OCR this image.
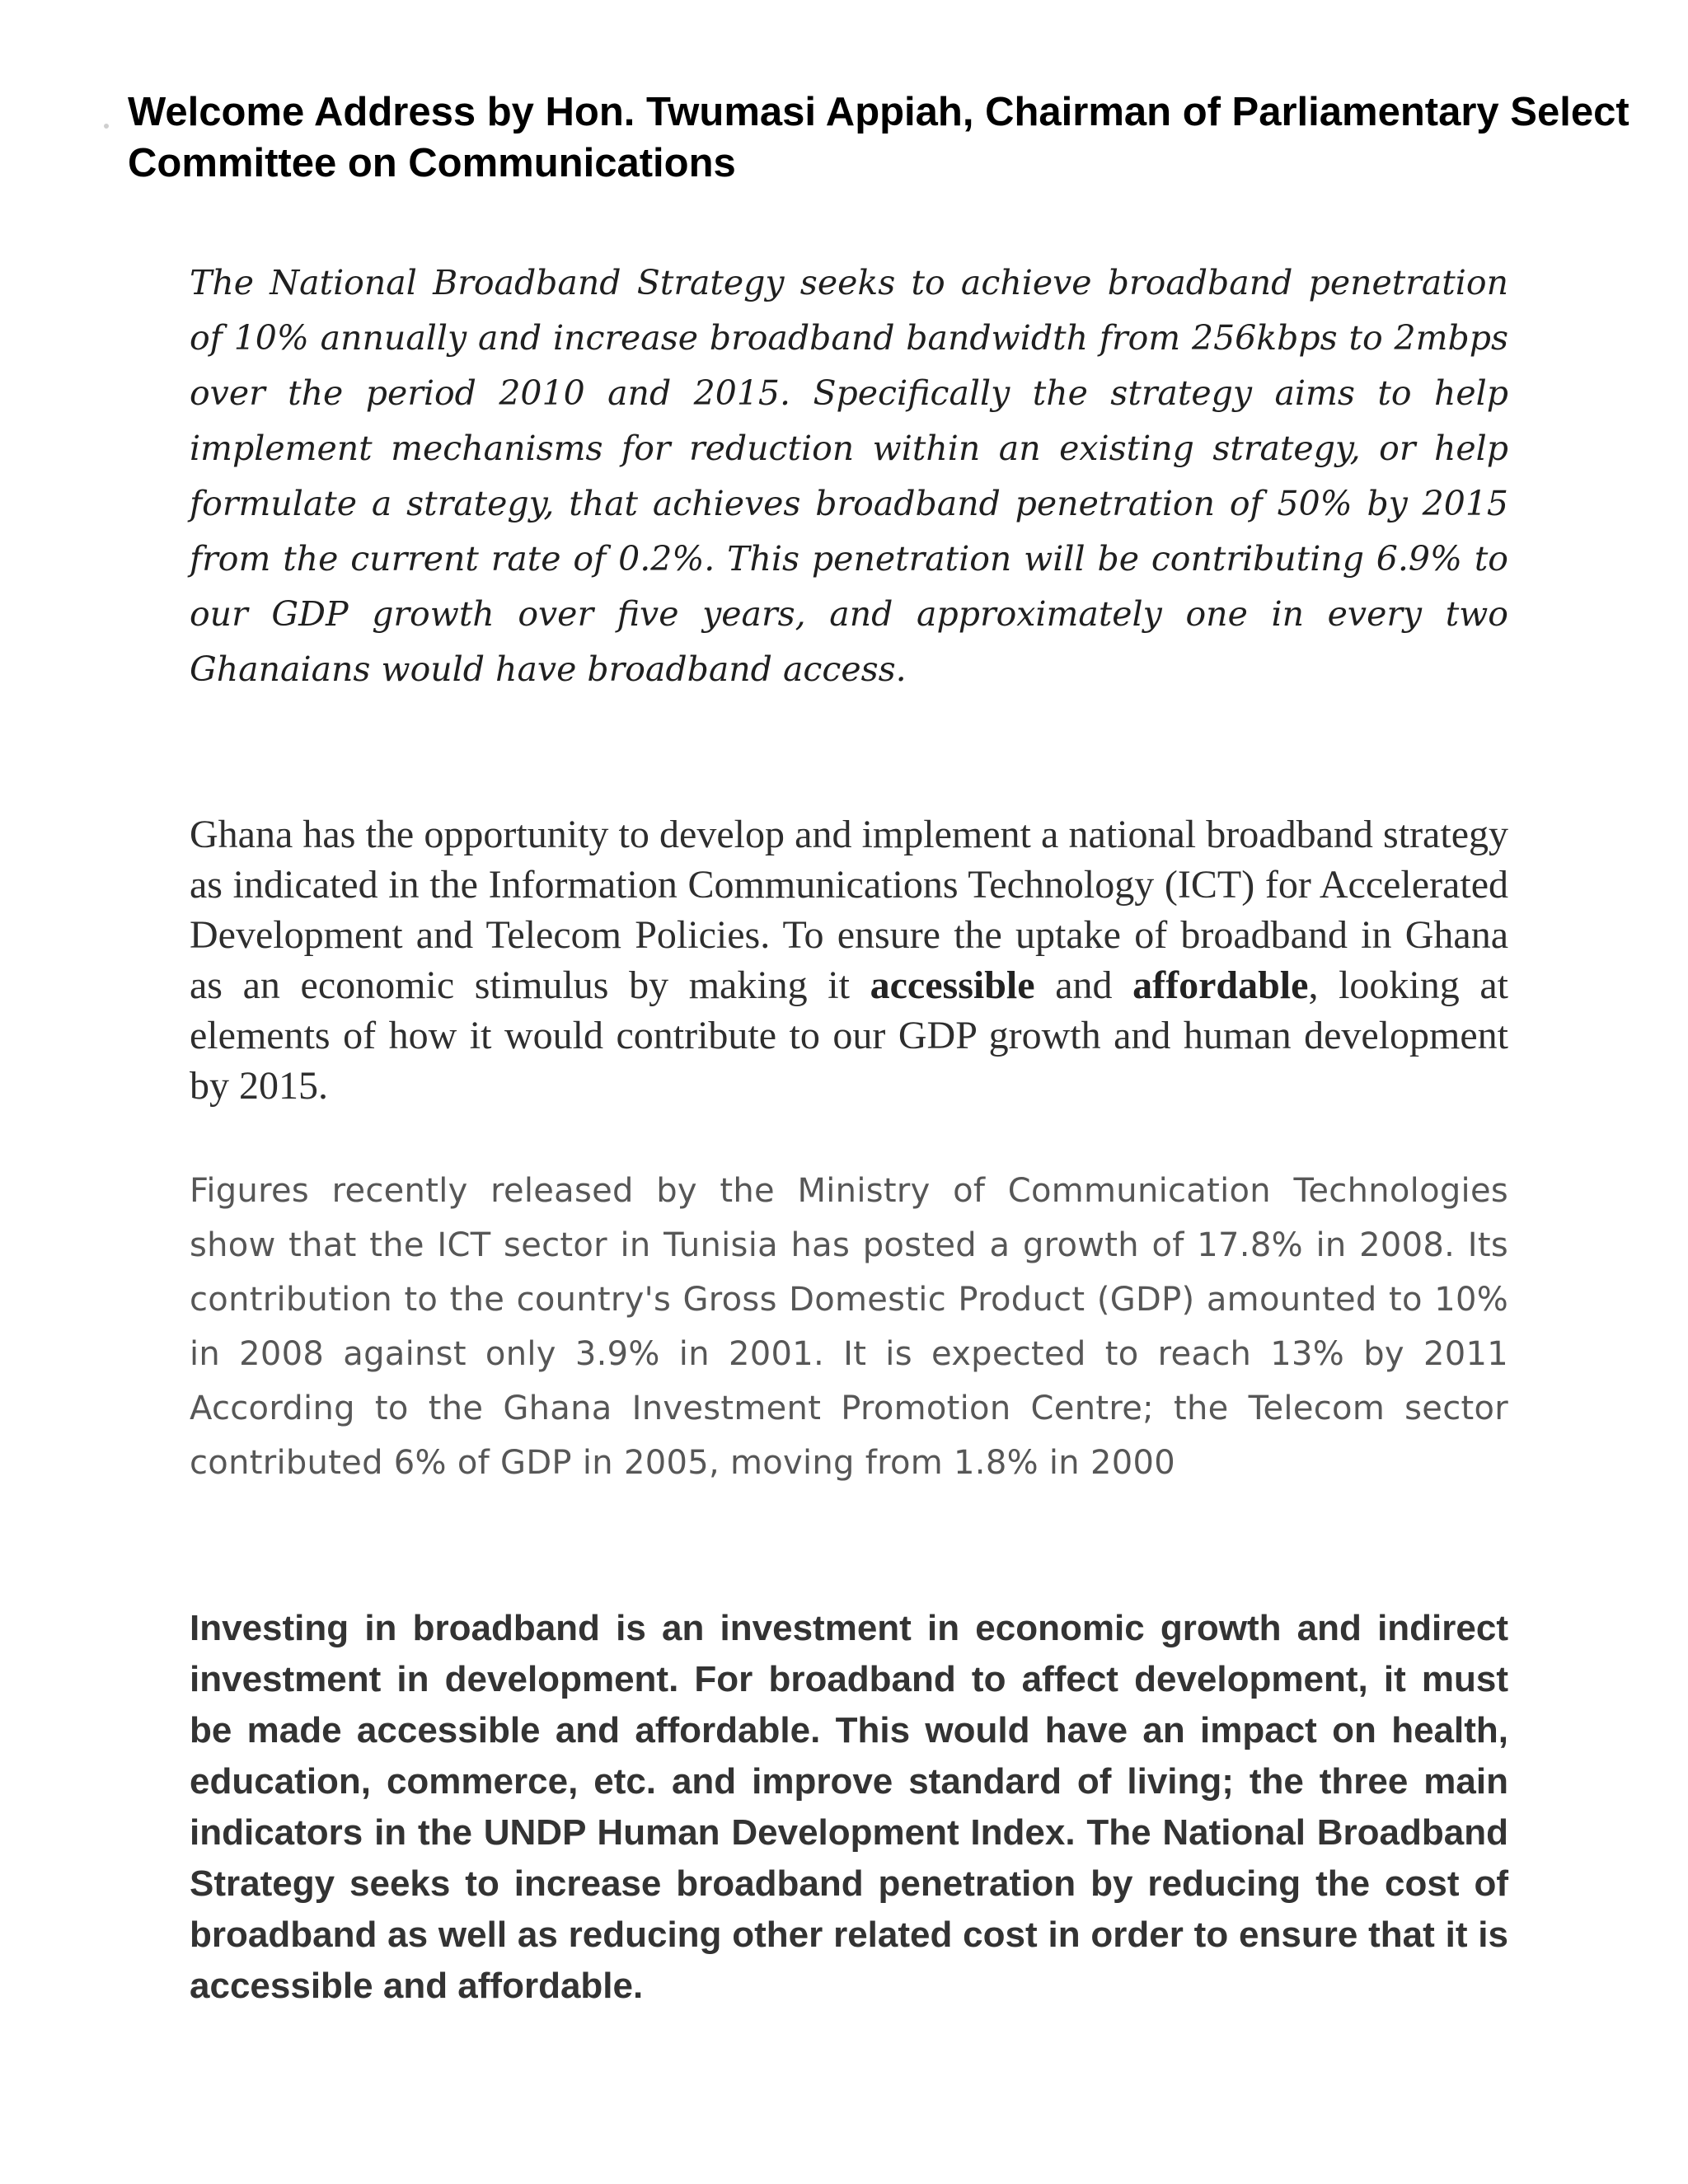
Welcome Address by Hon. Twumasi Appiah, Chairman of Parliamentary Select Committee on Communications

The National Broadband Strategy seeks to achieve broadband penetration of 10% annually and increase broadband bandwidth from 256kbps to 2mbps over the period 2010 and 2015. Specifically the strategy aims to help implement mechanisms for reduction within an existing strategy, or help formulate a strategy, that achieves broadband penetration of 50% by 2015 from the current rate of 0.2%. This penetration will be contributing 6.9% to our GDP growth over five years, and approximately one in every two Ghanaians would have broadband access.

Ghana has the opportunity to develop and implement a national broadband strategy as indicated in the Information Communications Technology (ICT) for Accelerated Development and Telecom Policies. To ensure the uptake of broadband in Ghana as an economic stimulus by making it accessible and affordable, looking at elements of how it would contribute to our GDP growth and human development by 2015.

Figures recently released by the Ministry of Communication Technologies show that the ICT sector in Tunisia has posted a growth of 17.8% in 2008. Its contribution to the country's Gross Domestic Product (GDP) amounted to 10% in 2008 against only 3.9% in 2001. It is expected to reach 13% by 2011 According to the Ghana Investment Promotion Centre; the Telecom sector contributed 6% of GDP in 2005, moving from 1.8% in 2000

Investing in broadband is an investment in economic growth and indirect investment in development. For broadband to affect development, it must be made accessible and affordable. This would have an impact on health, education, commerce, etc. and improve standard of living; the three main indicators in the UNDP Human Development Index. The National Broadband Strategy seeks to increase broadband penetration by reducing the cost of broadband as well as reducing other related cost in order to ensure that it is accessible and affordable.
